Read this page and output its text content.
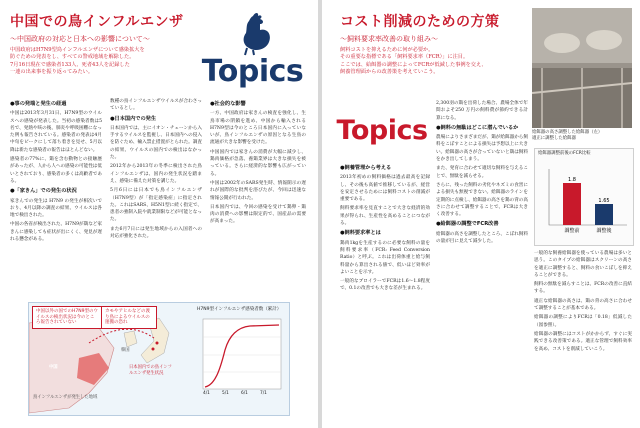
中国での鳥インフルエンザ
～中国政府の対応と日本への影響について～
中国政府はH7N9型鳥インフルエンザについて感染拡大を
防ぐための発表をし、すべての警戒地域を解除した。
7月16日現在で感染者133人、死者43人を記録した
一連の出来事を振り返ってみたい。	Topics
●事の発端と発生の経過

中国は2013年3月31日、H7N9型のウイルスへの感染が発表した。当初の感染者数は5名で、発熱や咳の後、肺炎や呼吸困難になった例も報告されている。感染者の発表は4月中旬をピークにして落ち着きを見せ、5月以降は新たな感染者の報告はほとんどない。

感染者の77%に、鶏を含む動物との接触歴があったが、人から人への感染の可能性は低いとされており、感染者の多くは高齢者である。

●「家きん」での発生の状況

家きんでの発生は H7N9 の発生が相次いでおり、4月以降の調査の結果、ウイルスは各地で検出された。

中国の各省が検出された、H7N9が鶏など家きんに感染しても症状が出にくく、発見が遅れる懸念がある。

数種の鳥インフルエンザウイルスが合わさっているとし。

●日本国内での発生

日本国内では、主にイオン・チェーンから入手するウイルスを監視し、日本国内への侵入を防ぐため、輸入禁止措置がとられた。調査の結果、ウイルスの国内での検出はなかった。

2012年から2013年の冬季に検出された鳥インフルエンザは、国内の発生状況を踏まえ、感染に備えた対策を講じた。

5月6日には日本でも鳥インフルエンザ（H7N9型）が「指定感染症」に指定された。これはSARS、H5N1型に続く指定で、患者の強制入院や就業制限などが可能となった。

また6月7日には発生地域からの入国者への対応が強化された。

●社会的な影響

一方、中国政府は家きんの検査を強化し、生鳥市場の閉鎖を進め、中国から輸入されるH7N9型は今のところ日本国内に入っていないが、鳥インフルエンザの原因となる生鳥の流通が大きな影響を受けた。

中国国内では家きんの消費が大幅に減少し、鶏肉価格が急落、養鶏業界は大きな損失を被っている。さらに経済的な影響も広がっている。

中国は2002年のSARS発生時、情報開示の遅れが国際的な批判を浴びたが、今回は迅速な情報公開が行われた。

日本国内では、今回の感染を受けて鶏卵・鶏肉の消費への影響は限定的で、国産品の需要が高まった。

中国以外の国でのH7N9型のウイルスの検出状況は今のところ報告されていない
カモやアヒルなどの渡り鳥によるウイルスの運搬の恐れ
中国
韓国
日本国内での鳥インフルエンザ発生状況
鳥インフルエンザが発生した地域
H7N9型インフルエンザ感染者数（累計）
4/1	5/1	6/1	7/1
コスト削減のための方策
～飼料要求率改善の取り組み～
飼料コストを抑えるために何が必要か。
その重要な指標である「飼料要求率（FCR）」に注目。
ここでは、給餌器の調整によってFCRが低減した事例を交え、
飼養管理面からの改善策を考えていこう。
給餌器の高さ調整した給餌器（左）
適正に調整した給餌器
Topics
●飼養管理から考える

2013年初めの飼料価格は過去最高を記録し、その後も高値で推移しているが、経営を安定させるためには飼料コストの削減が重要である。

飼料要求率を見直すことで大きな経済的効果が得られ、生産性を高めることにつながる。

●飼料要求率とは

鶏肉1kgを生産するのに必要な飼料の量を飼料要求率（FCR: Feed Conversion Ratio）と呼ぶ。これは出荷体重と給与飼料量から算出される値で、低いほど効率がよいことを示す。

一般的なブロイラーでFCRは1.6～1.8程度で、0.1の改善でも大きな差が生まれる。

2,300羽の鶏を出荷した場合、農場全体で年間およそ250 万円の飼料費が節約できる計算になる。

●飼料の無駄はどこに潜んでいるか

農場によりさまざまだが、鶏が給餌器から飼料をこぼすことによる損失は予想以上に大きい。給餌器の高さが合っていないと鶏は飼料をかき出してしまう。

また、発育に合わせて適切な飼料を与えることで、無駄を減らせる。

さらに、残った飼料の劣化やネズミの食害による損失も無視できない。給餌器のラインを定期的に点検し、給餌器の高さを鶏の背の高さに合わせて調整することで、FCRは大きく改善する。

●給餌器の調整でFCR改善

給餌器の高さを調整したところ、こぼれ飼料の量が目に見えて減少した。

給餌器調整前後のFCR比較
1.8
調整前
1.65
調整後

一般的な飼養給餌器を使っている農場は多いと思う。このタイプの給餌器はスクリーンの高さを適正に調整すると、飼料の食いこぼしを抑えることができる。

飼料の無駄を減らすことは、FCRの改善に直結する。

適正な給餌器の高さは、鶏の背の高さに合わせて調整することが基本である。

給餌器の調整によりFCRは「0.18」低減した（図参照）。

給餌器の調整にはコストがかからず、すぐに実践できる改善策である。適正な管理で飼料効率を高め、コストを削減していこう。
